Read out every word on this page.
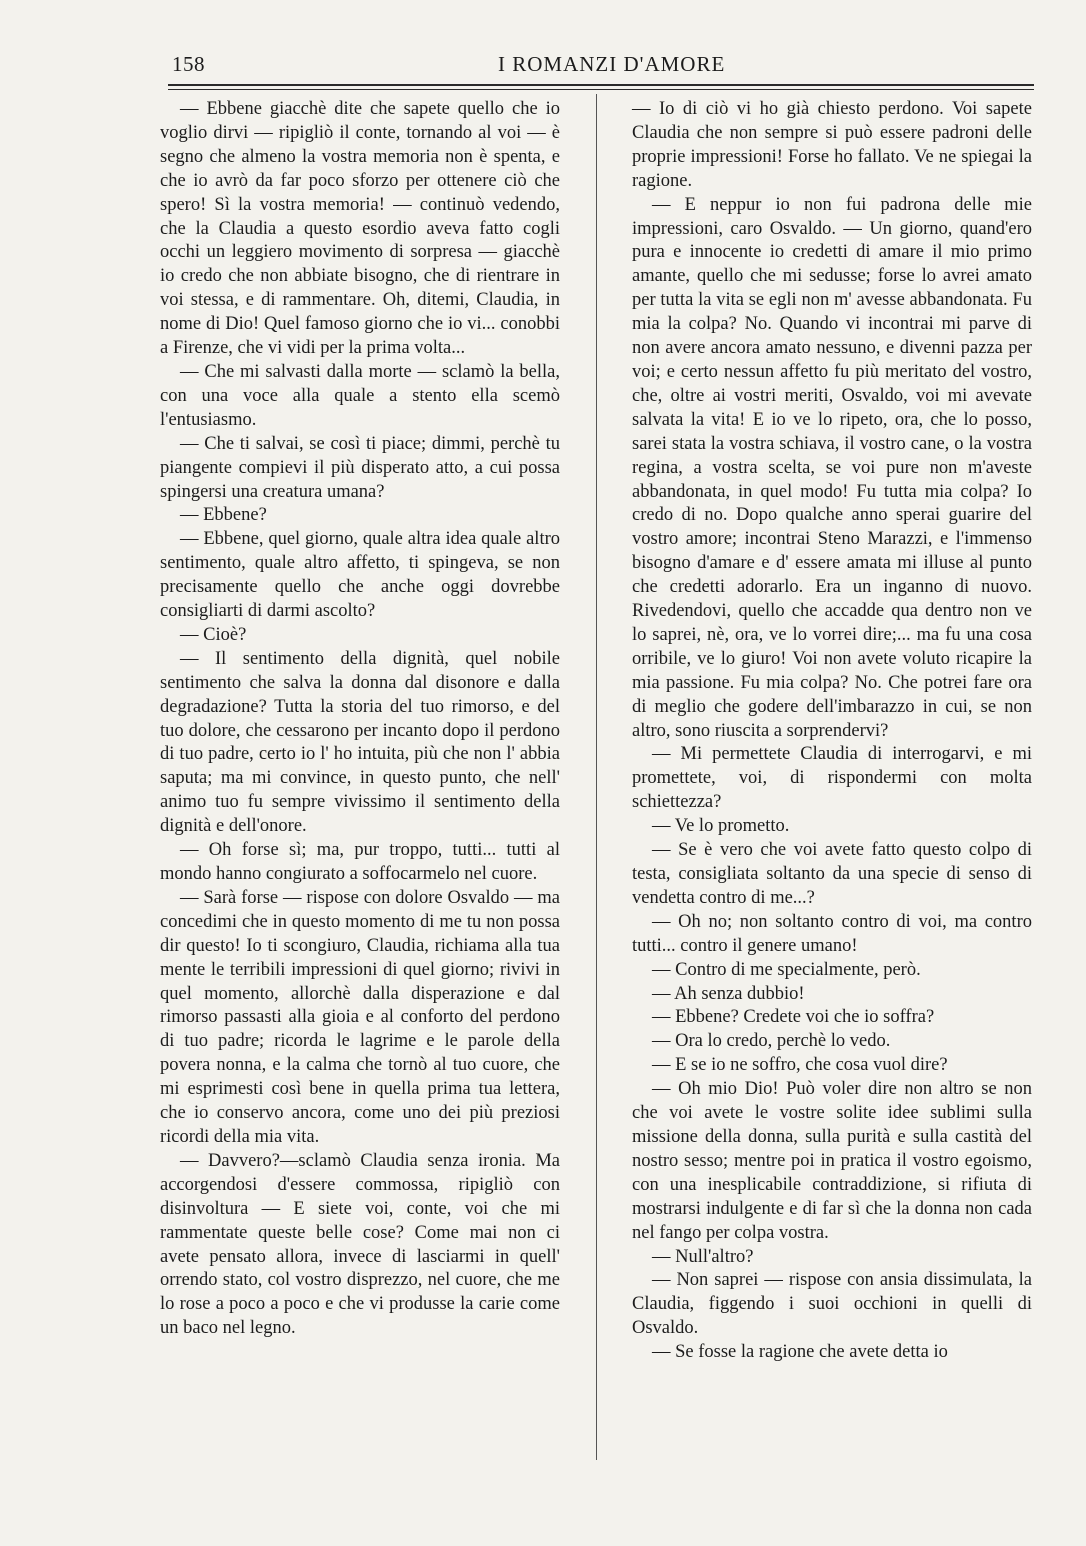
158	I ROMANZI D'AMORE

— Ebbene giacchè dite che sapete quello che io voglio dirvi — ripigliò il conte, tornando al voi — è segno che almeno la vostra memoria non è spenta, e che io avrò da far poco sforzo per ottenere ciò che spero! Sì la vostra memoria! — continuò vedendo, che la Claudia a questo esordio aveva fatto cogli occhi un leggiero movimento di sorpresa — giacchè io credo che non abbiate bisogno, che di rientrare in voi stessa, e di rammentare. Oh, ditemi, Claudia, in nome di Dio! Quel famoso giorno che io vi... conobbi a Firenze, che vi vidi per la prima volta...

— Che mi salvasti dalla morte — sclamò la bella, con una voce alla quale a stento ella scemò l'entusiasmo.

— Che ti salvai, se così ti piace; dimmi, perchè tu piangente compievi il più disperato atto, a cui possa spingersi una creatura umana?

— Ebbene?

— Ebbene, quel giorno, quale altra idea quale altro sentimento, quale altro affetto, ti spingeva, se non precisamente quello che anche oggi dovrebbe consigliarti di darmi ascolto?

— Cioè?

— Il sentimento della dignità, quel nobile sentimento che salva la donna dal disonore e dalla degradazione? Tutta la storia del tuo rimorso, e del tuo dolore, che cessarono per incanto dopo il perdono di tuo padre, certo io l' ho intuita, più che non l' abbia saputa; ma mi convince, in questo punto, che nell' animo tuo fu sempre vivissimo il sentimento della dignità e dell'onore.

— Oh forse sì; ma, pur troppo, tutti... tutti al mondo hanno congiurato a soffocarmelo nel cuore.

— Sarà forse — rispose con dolore Osvaldo — ma concedimi che in questo momento di me tu non possa dir questo! Io ti scongiuro, Claudia, richiama alla tua mente le terribili impressioni di quel giorno; rivivi in quel momento, allorchè dalla disperazione e dal rimorso passasti alla gioia e al conforto del perdono di tuo padre; ricorda le lagrime e le parole della povera nonna, e la calma che tornò al tuo cuore, che mi esprimesti così bene in quella prima tua lettera, che io conservo ancora, come uno dei più preziosi ricordi della mia vita.

— Davvero?—sclamò Claudia senza ironia. Ma accorgendosi d'essere commossa, ripigliò con disinvoltura — E siete voi, conte, voi che mi rammentate queste belle cose? Come mai non ci avete pensato allora, invece di lasciarmi in quell' orrendo stato, col vostro disprezzo, nel cuore, che me lo rose a poco a poco e che vi produsse la carie come un baco nel legno.

— Io di ciò vi ho già chiesto perdono. Voi sapete Claudia che non sempre si può essere padroni delle proprie impressioni! Forse ho fallato. Ve ne spiegai la ragione.

— E neppur io non fui padrona delle mie impressioni, caro Osvaldo. — Un giorno, quand'ero pura e innocente io credetti di amare il mio primo amante, quello che mi sedusse; forse lo avrei amato per tutta la vita se egli non m' avesse abbandonata. Fu mia la colpa? No. Quando vi incontrai mi parve di non avere ancora amato nessuno, e divenni pazza per voi; e certo nessun affetto fu più meritato del vostro, che, oltre ai vostri meriti, Osvaldo, voi mi avevate salvata la vita! E io ve lo ripeto, ora, che lo posso, sarei stata la vostra schiava, il vostro cane, o la vostra regina, a vostra scelta, se voi pure non m'aveste abbandonata, in quel modo! Fu tutta mia colpa? Io credo di no. Dopo qualche anno sperai guarire del vostro amore; incontrai Steno Marazzi, e l'immenso bisogno d'amare e d' essere amata mi illuse al punto che credetti adorarlo. Era un inganno di nuovo. Rivedendovi, quello che accadde qua dentro non ve lo saprei, nè, ora, ve lo vorrei dire;... ma fu una cosa orribile, ve lo giuro! Voi non avete voluto ricapire la mia passione. Fu mia colpa? No. Che potrei fare ora di meglio che godere dell'imbarazzo in cui, se non altro, sono riuscita a sorprendervi?

— Mi permettete Claudia di interrogarvi, e mi promettete, voi, di rispondermi con molta schiettezza?

— Ve lo prometto.

— Se è vero che voi avete fatto questo colpo di testa, consigliata soltanto da una specie di senso di vendetta contro di me...?

— Oh no; non soltanto contro di voi, ma contro tutti... contro il genere umano!

— Contro di me specialmente, però.

— Ah senza dubbio!

— Ebbene? Credete voi che io soffra?

— Ora lo credo, perchè lo vedo.

— E se io ne soffro, che cosa vuol dire?

— Oh mio Dio! Può voler dire non altro se non che voi avete le vostre solite idee sublimi sulla missione della donna, sulla purità e sulla castità del nostro sesso; mentre poi in pratica il vostro egoismo, con una inesplicabile contraddizione, si rifiuta di mostrarsi indulgente e di far sì che la donna non cada nel fango per colpa vostra.

— Null'altro?

— Non saprei — rispose con ansia dissimulata, la Claudia, figgendo i suoi occhioni in quelli di Osvaldo.

— Se fosse la ragione che avete detta io
